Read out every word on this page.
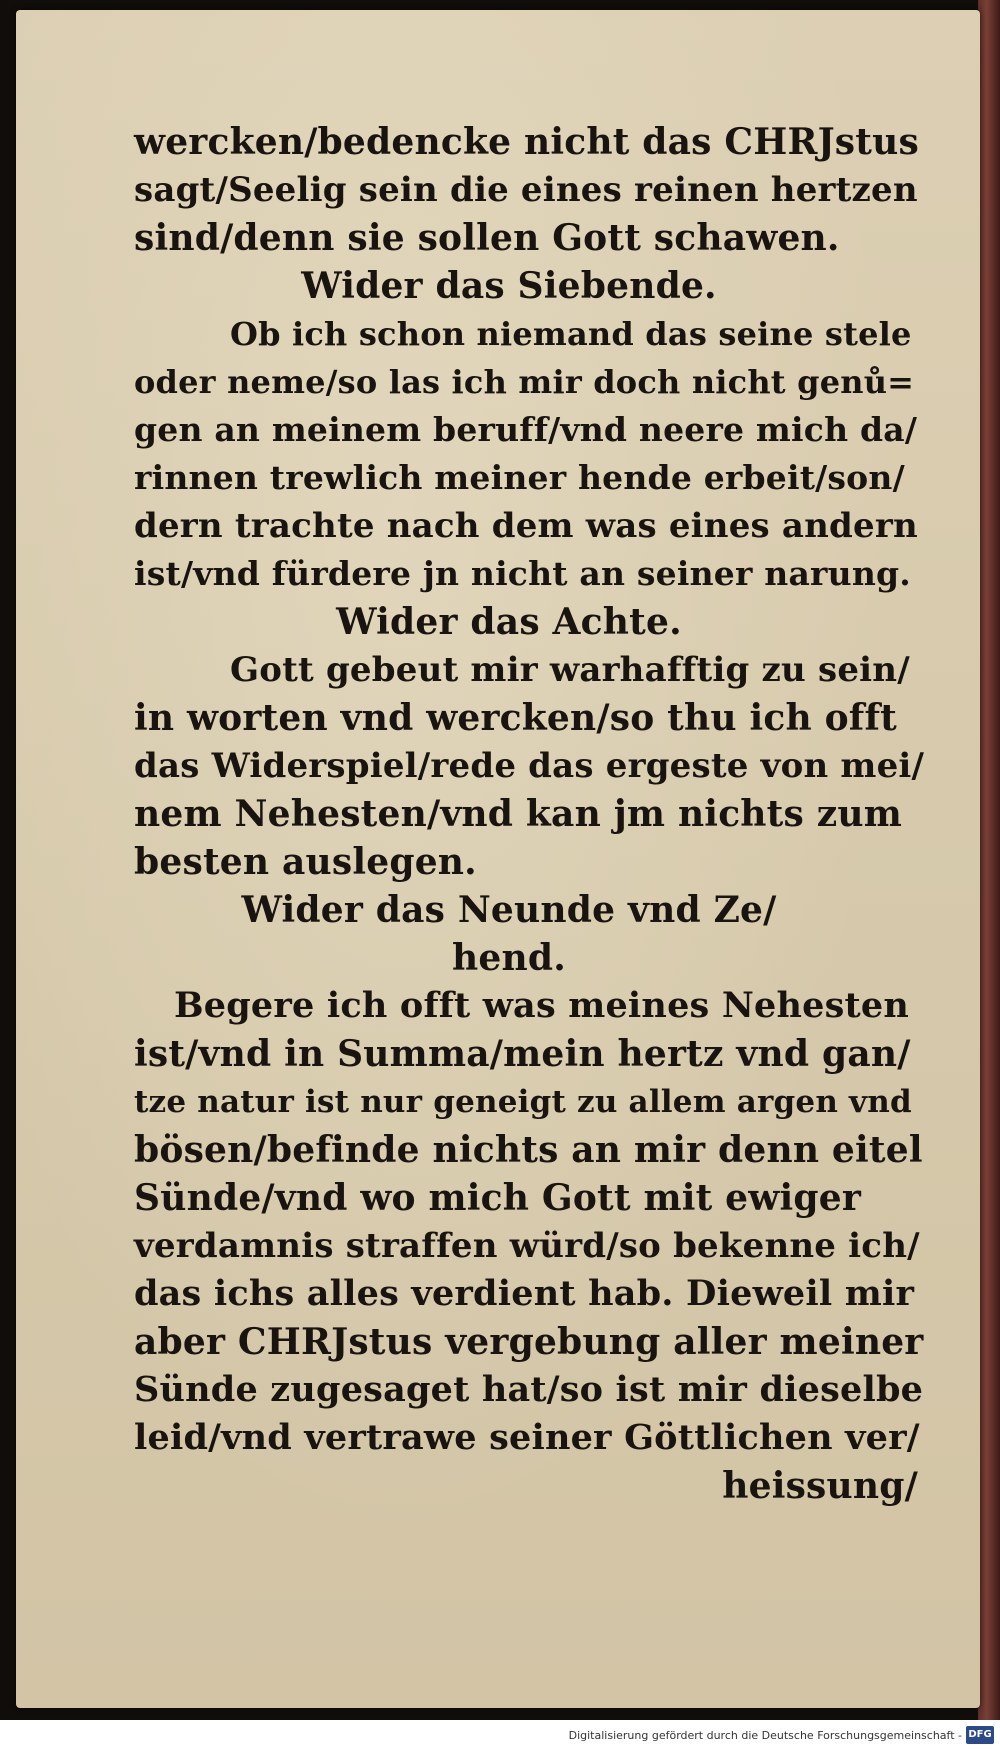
wercken/bedencke nicht das CHRJstus
sagt/Seelig sein die eines reinen hertzen
sind/denn sie sollen Gott schawen.
Wider das Siebende.
Ob ich schon niemand das seine stele
oder neme/so las ich mir doch nicht genů=
gen an meinem beruff/vnd neere mich da/
rinnen trewlich meiner hende erbeit/son/
dern trachte nach dem was eines andern
ist/vnd fürdere jn nicht an seiner narung.
Wider das Achte.
Gott gebeut mir warhafftig zu sein/
in worten vnd wercken/so thu ich offt
das Widerspiel/rede das ergeste von mei/
nem Nehesten/vnd kan jm nichts zum
besten auslegen.
Wider das Neunde vnd Ze/
hend.
Begere ich offt was meines Nehesten
ist/vnd in Summa/mein hertz vnd gan/
tze natur ist nur geneigt zu allem argen vnd
bösen/befinde nichts an mir denn eitel
Sünde/vnd wo mich Gott mit ewiger
verdamnis straffen würd/so bekenne ich/
das ichs alles verdient hab. Dieweil mir
aber CHRJstus vergebung aller meiner
Sünde zugesaget hat/so ist mir dieselbe
leid/vnd vertrawe seiner Göttlichen ver/
heissung/
Digitalisierung gefördert durch die Deutsche Forschungsgemeinschaft - DFG
